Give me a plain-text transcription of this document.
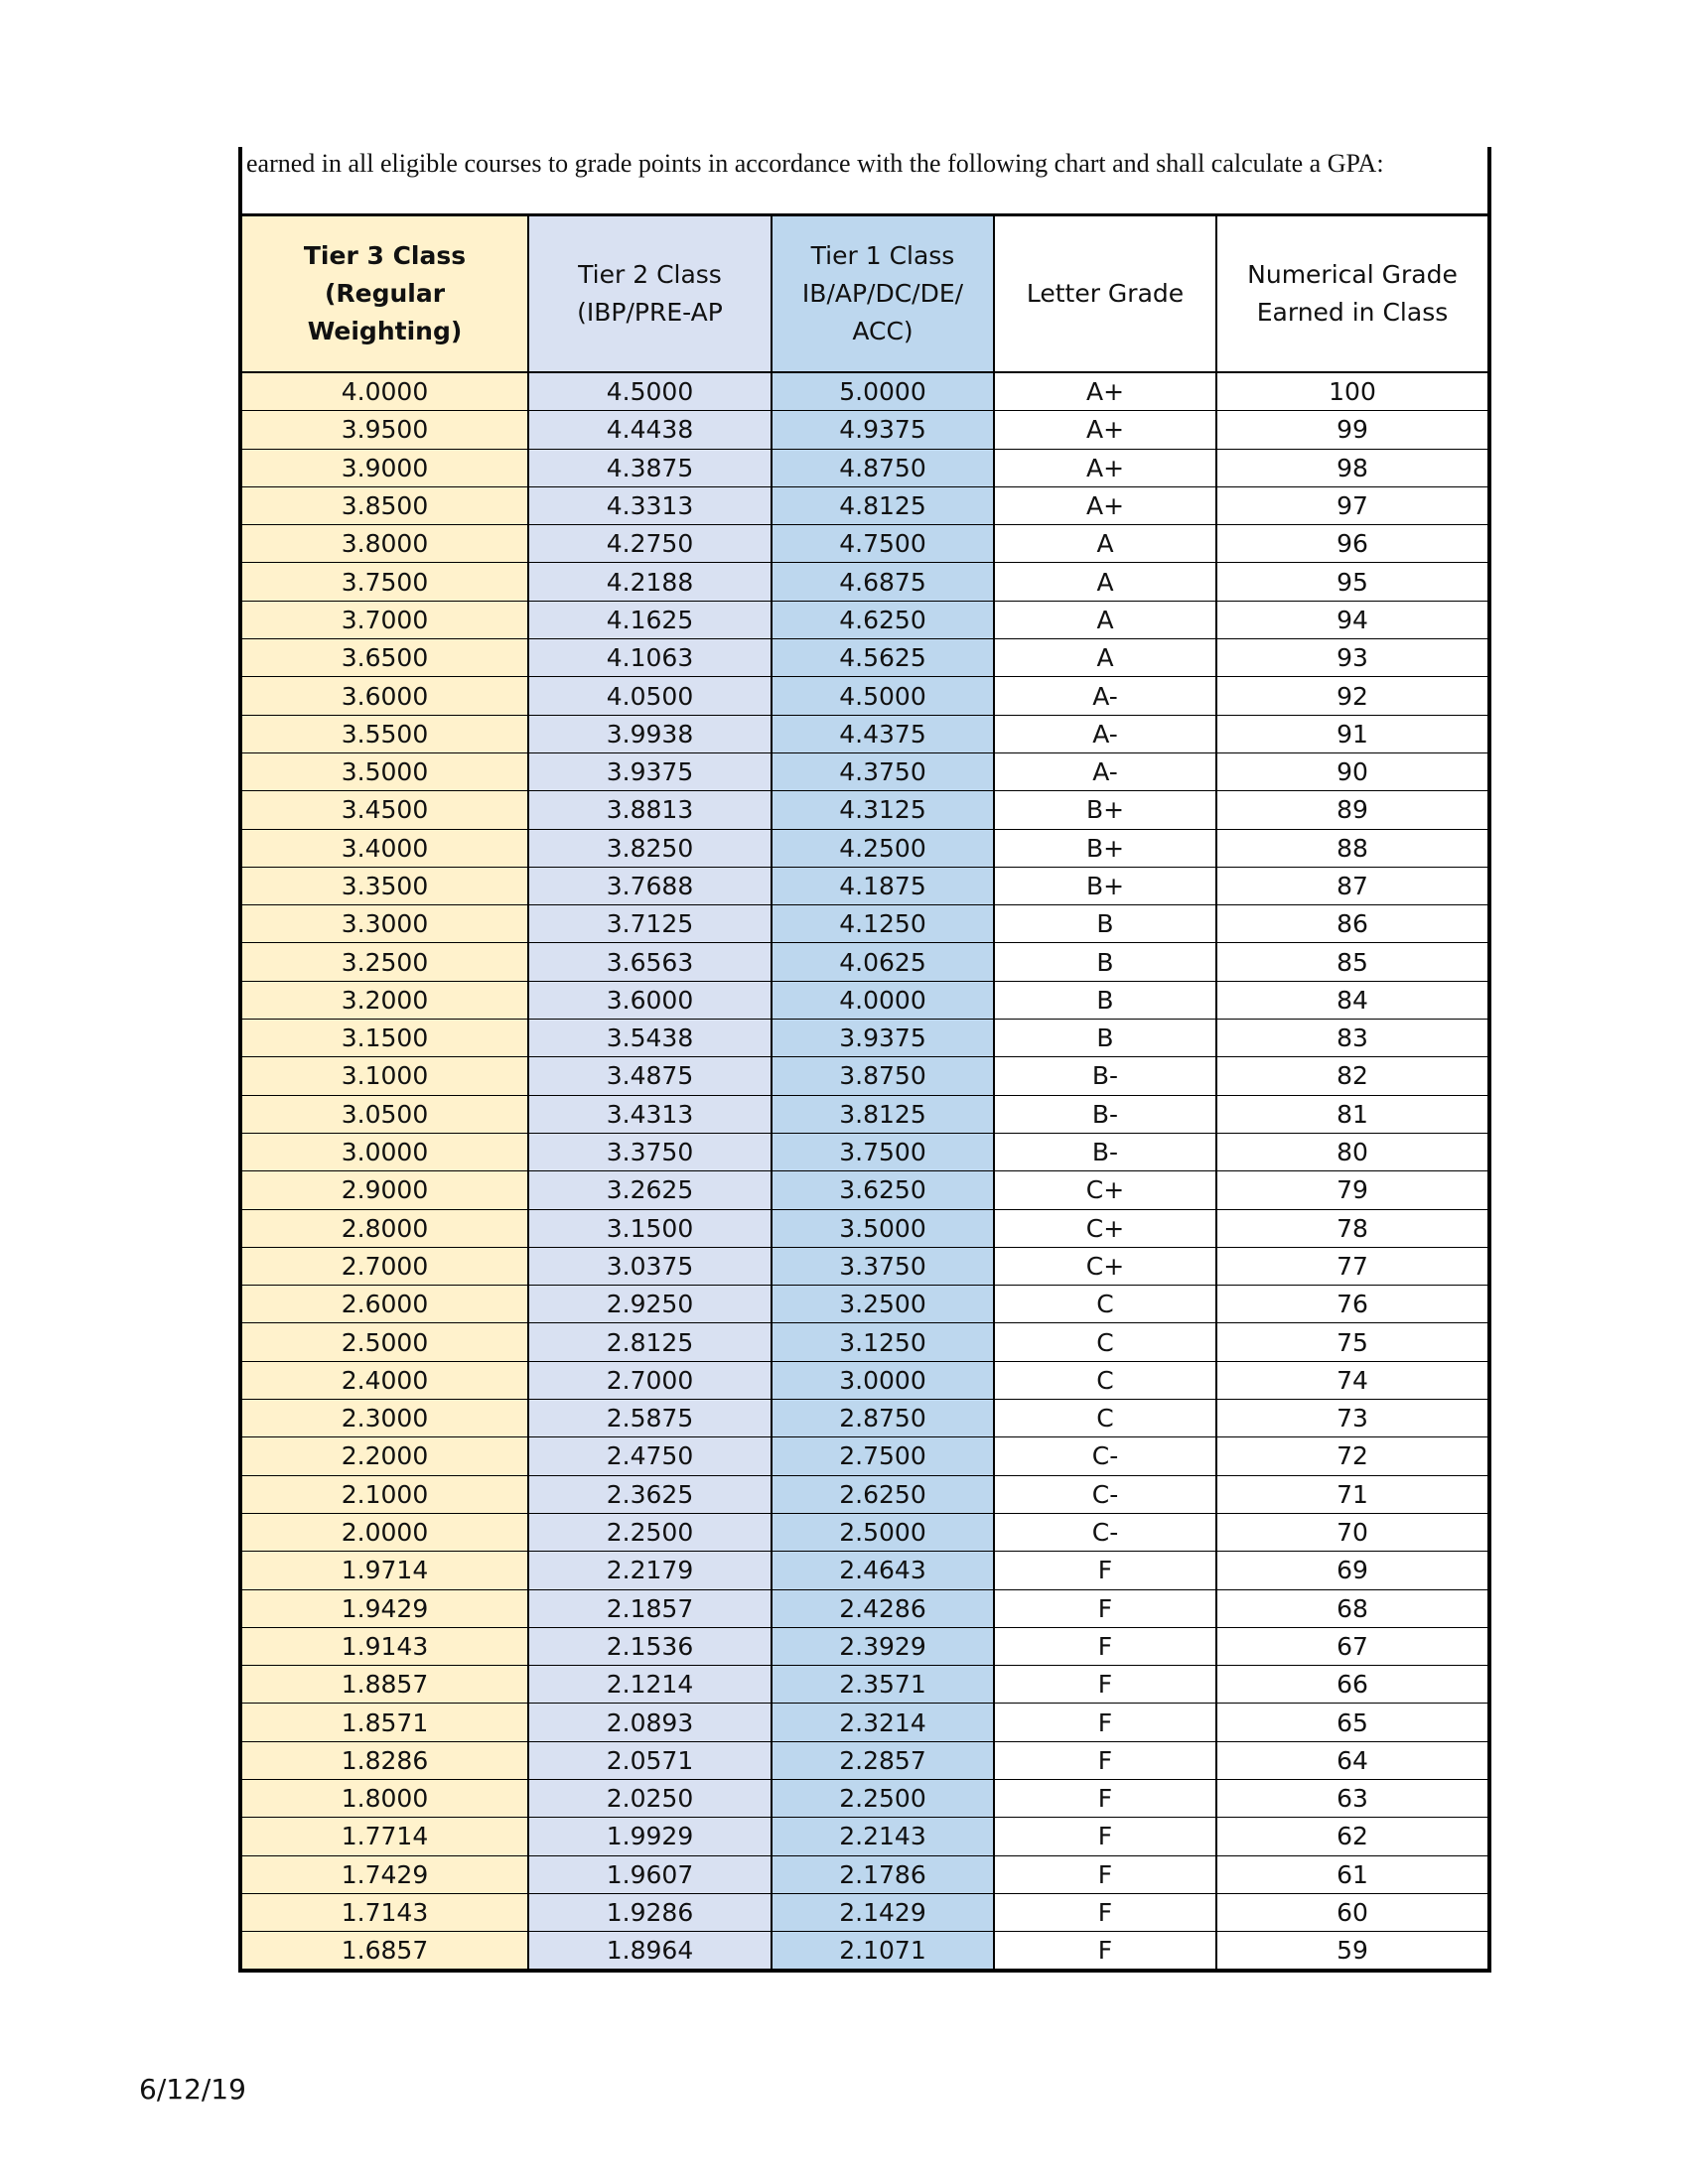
earned in all eligible courses to grade points in accordance with the following chart and shall calculate a GPA:
Tier 3 Class (Regular Weighting)	Tier 2 Class (IBP/PRE-AP	Tier 1 Class IB/AP/DC/DE/ ACC)	Letter Grade	Numerical Grade Earned in Class
4.0000	4.5000	5.0000	A+	100
3.9500	4.4438	4.9375	A+	99
3.9000	4.3875	4.8750	A+	98
3.8500	4.3313	4.8125	A+	97
3.8000	4.2750	4.7500	A	96
3.7500	4.2188	4.6875	A	95
3.7000	4.1625	4.6250	A	94
3.6500	4.1063	4.5625	A	93
3.6000	4.0500	4.5000	A-	92
3.5500	3.9938	4.4375	A-	91
3.5000	3.9375	4.3750	A-	90
3.4500	3.8813	4.3125	B+	89
3.4000	3.8250	4.2500	B+	88
3.3500	3.7688	4.1875	B+	87
3.3000	3.7125	4.1250	B	86
3.2500	3.6563	4.0625	B	85
3.2000	3.6000	4.0000	B	84
3.1500	3.5438	3.9375	B	83
3.1000	3.4875	3.8750	B-	82
3.0500	3.4313	3.8125	B-	81
3.0000	3.3750	3.7500	B-	80
2.9000	3.2625	3.6250	C+	79
2.8000	3.1500	3.5000	C+	78
2.7000	3.0375	3.3750	C+	77
2.6000	2.9250	3.2500	C	76
2.5000	2.8125	3.1250	C	75
2.4000	2.7000	3.0000	C	74
2.3000	2.5875	2.8750	C	73
2.2000	2.4750	2.7500	C-	72
2.1000	2.3625	2.6250	C-	71
2.0000	2.2500	2.5000	C-	70
1.9714	2.2179	2.4643	F	69
1.9429	2.1857	2.4286	F	68
1.9143	2.1536	2.3929	F	67
1.8857	2.1214	2.3571	F	66
1.8571	2.0893	2.3214	F	65
1.8286	2.0571	2.2857	F	64
1.8000	2.0250	2.2500	F	63
1.7714	1.9929	2.2143	F	62
1.7429	1.9607	2.1786	F	61
1.7143	1.9286	2.1429	F	60
1.6857	1.8964	2.1071	F	59
6/12/19
